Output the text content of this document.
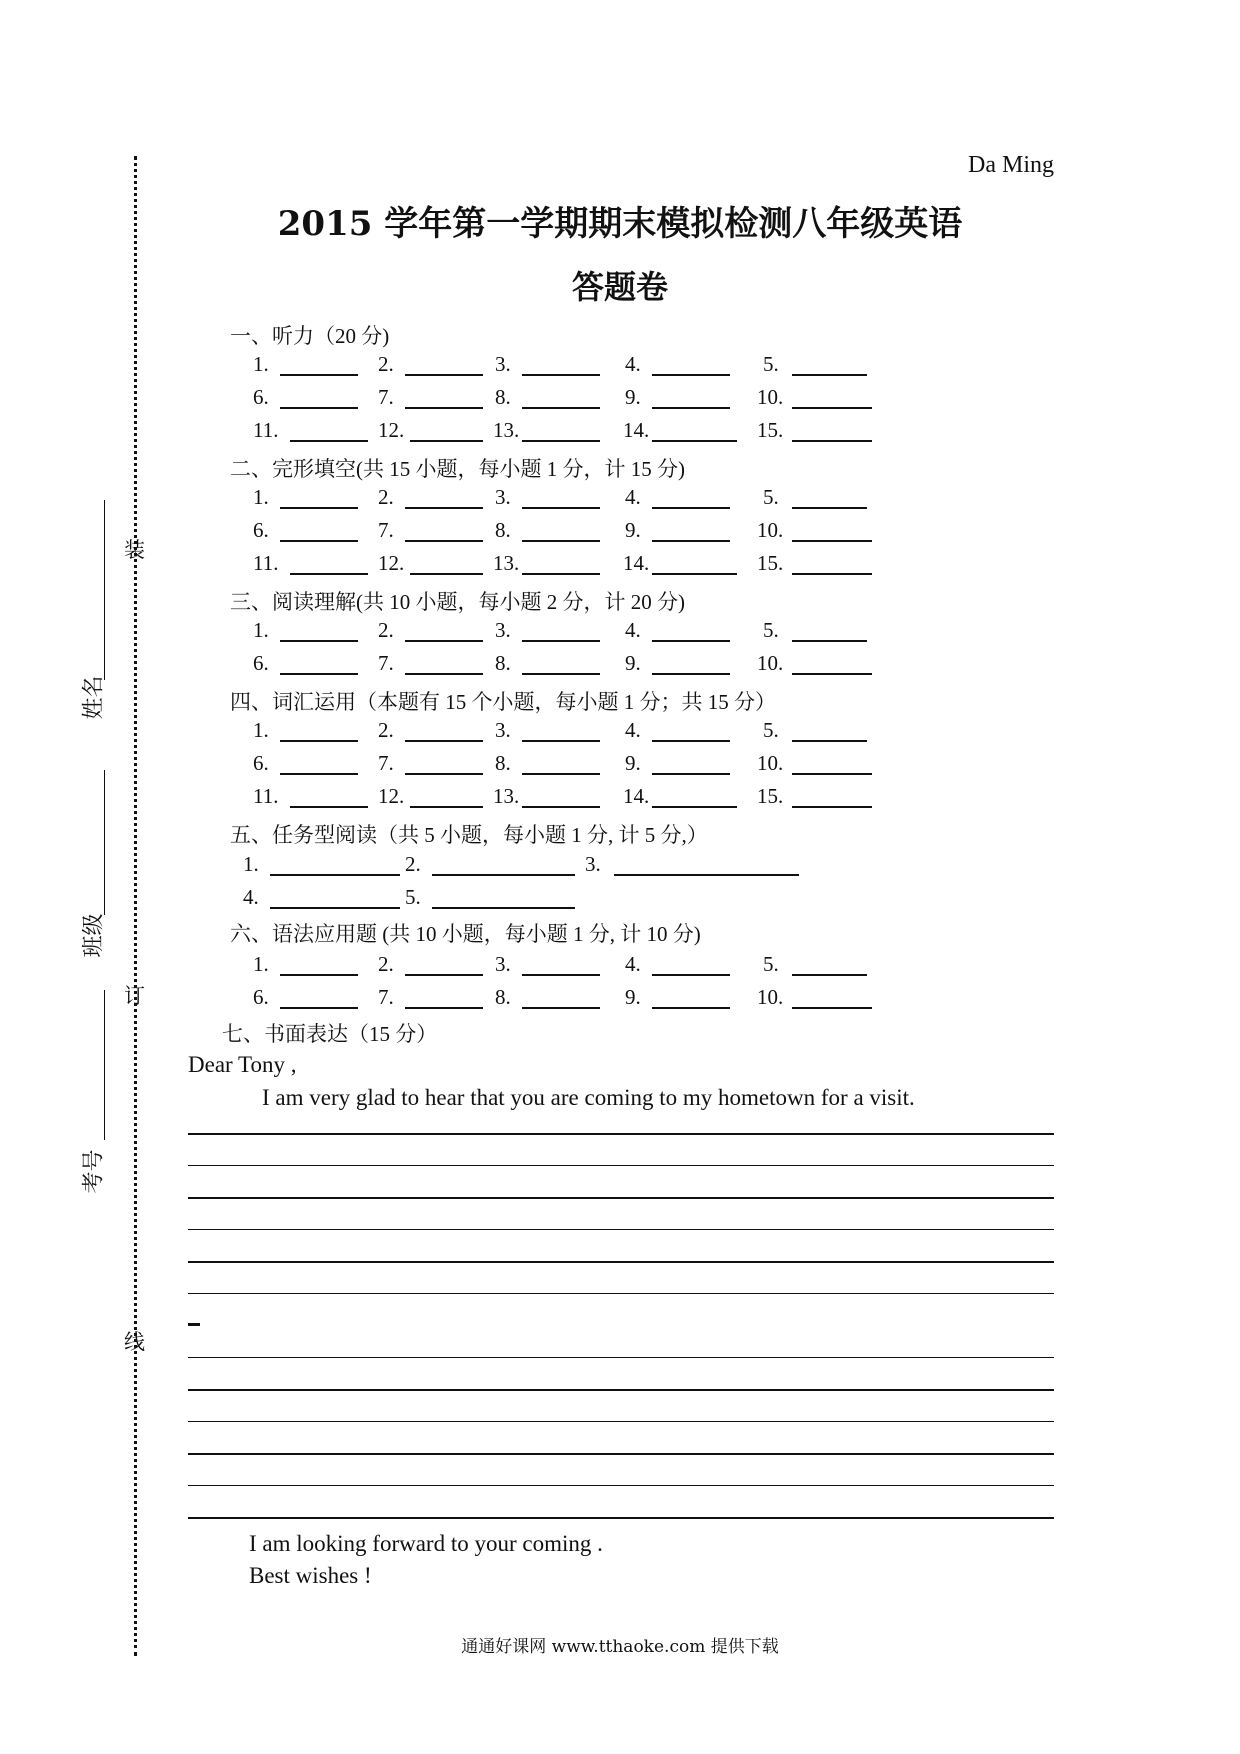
装
订
线
姓名
班级
考号
Da Ming
2015 学年第一学期期末模拟检测八年级英语
答题卷
一、听力（20 分)
1.	2.	3.	4.	5.
6.	7.	8.	9.	10.
11.	12.	13.	14.	15.
二、完形填空(共 15 小题，每小题 1 分，计 15 分)
1.	2.	3.	4.	5.
6.	7.	8.	9.	10.
11.	12.	13.	14.	15.
三、阅读理解(共 10 小题，每小题 2 分，计 20 分)
1.	2.	3.	4.	5.
6.	7.	8.	9.	10.
四、词汇运用（本题有 15 个小题，每小题 1 分；共 15 分）
1.	2.	3.	4.	5.
6.	7.	8.	9.	10.
11.	12.	13.	14.	15.
五、任务型阅读（共 5 小题，每小题 1 分, 计 5 分,）
1.	2.	3.
4.	5.
六、语法应用题 (共 10 小题，每小题 1 分, 计 10 分)
1.	2.	3.	4.	5.
6.	7.	8.	9.	10.
七、书面表达（15 分）
Dear Tony ,
I am very glad to hear that you are coming to my hometown for a visit.
I am looking forward to your coming .
Best wishes !
通通好课网 www.tthaoke.com 提供下载
